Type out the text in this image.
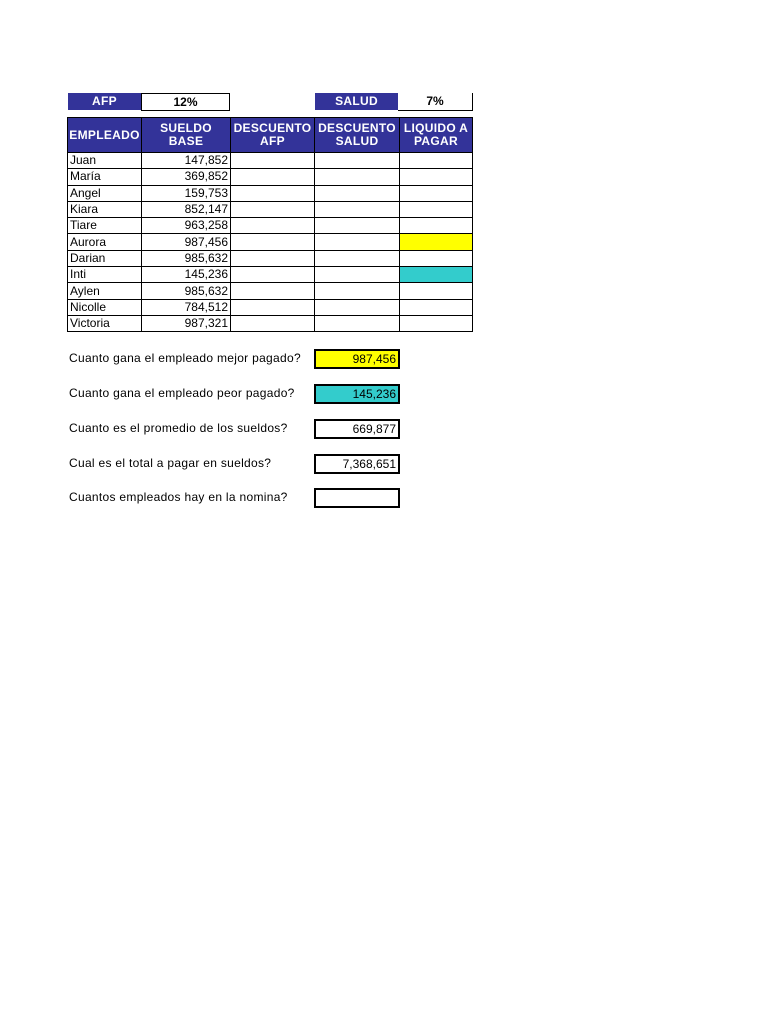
AFP	12%	SALUD	7%
EMPLEADO	SUELDO BASE	DESCUENTO AFP	DESCUENTO SALUD	LIQUIDO A PAGAR
Juan	147,852			
María	369,852			
Angel	159,753			
Kiara	852,147			
Tiare	963,258			
Aurora	987,456			
Darian	985,632			
Inti	145,236			
Aylen	985,632			
Nicolle	784,512			
Victoria	987,321			
Cuanto gana el empleado mejor pagado?	987,456
Cuanto gana el empleado peor pagado?	145,236
Cuanto es el promedio de los sueldos?	669,877
Cual es el total a pagar en sueldos?	7,368,651
Cuantos empleados hay en la nomina?
